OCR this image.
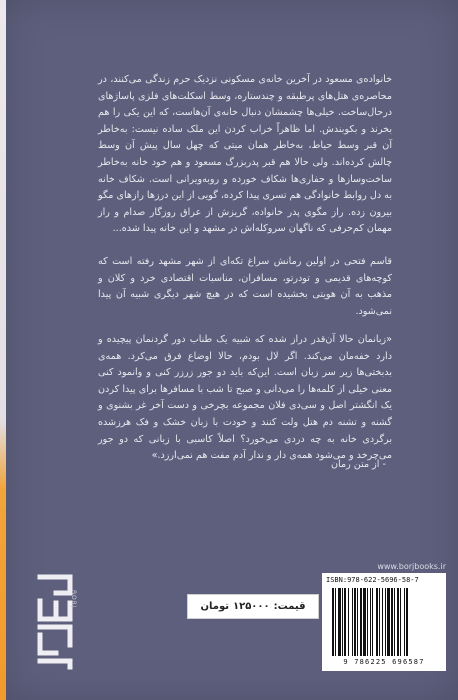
خانواده‌ی مسعود در آخرین خانه‌ی مسکونی نزدیک حرم زندگی می‌کنند، در محاصره‌ی هتل‌های پرطبقه و چندستاره، وسط اسکلت‌های فلزی پاساژهای درحال‌ساخت. خیلی‌ها چشمشان دنبال خانه‌ی آن‌هاست، که این یکی را هم بخرند و بکوبندش. اما ظاهراً خراب کردن این ملک ساده نیست: به‌خاطر آن قبر وسط حیاط، به‌خاطر همان میتی که چهل سال پیش آن وسط چالش کرده‌اند. ولی حالا هم قبر پدربزرگ مسعود و هم خود خانه به‌خاطر ساخت‌وسازها و حفاری‌ها شکاف خورده و روبه‌ویرانی است. شکاف خانه به دل روابط خانوادگی هم تسری پیدا کرده، گویی از این درزها رازهای مگو بیرون زده. راز مگوی پدر خانواده، گریزش از عراق روزگار صدام و راز مهمان کم‌حرفی که ناگهان سروکله‌اش در مشهد و این خانه پیدا شده...

قاسم فتحی در اولین رمانش سراغ تکه‌ای از شهر مشهد رفته است که کوچه‌های قدیمی و تودرتو، مسافران، مناسبات اقتصادی خرد و کلان و مذهب به آن هویتی بخشیده است که در هیچ شهر دیگری شبیه آن پیدا نمی‌شود.

«زبانمان حالا آن‌قدر دراز شده که شبیه یک طناب دور گردنمان پیچیده و دارد خفه‌مان می‌کند. اگر لال بودم، حالا اوضاع فرق می‌کرد. همه‌ی بدبختی‌ها زیر سر زبان است. این‌که باید دو جور زرزر کنی و وانمود کنی معنی خیلی از کلمه‌ها را می‌دانی و صبح تا شب با مسافرها برای پیدا کردن یک انگشتر اصل و سی‌دی فلان مجموعه بچرخی و دست آخر غر بشنوی و گشنه و تشنه دم هتل ولت کنند و خودت با زبان خشک و فک هرزشده برگردی خانه به چه دردی می‌خورد؟ اصلاً کاسبی با زبانی که دو جور می‌چرخد و می‌شود همه‌ی دار و ندار آدم مفت هم نمی‌ارزد.»

- از متن رمان
BORJ	قیمت:
۱۲۵۰۰۰
تومان
www.borjbooks.ir
ISBN:978-622-5696-58-7
9 786225 696587
